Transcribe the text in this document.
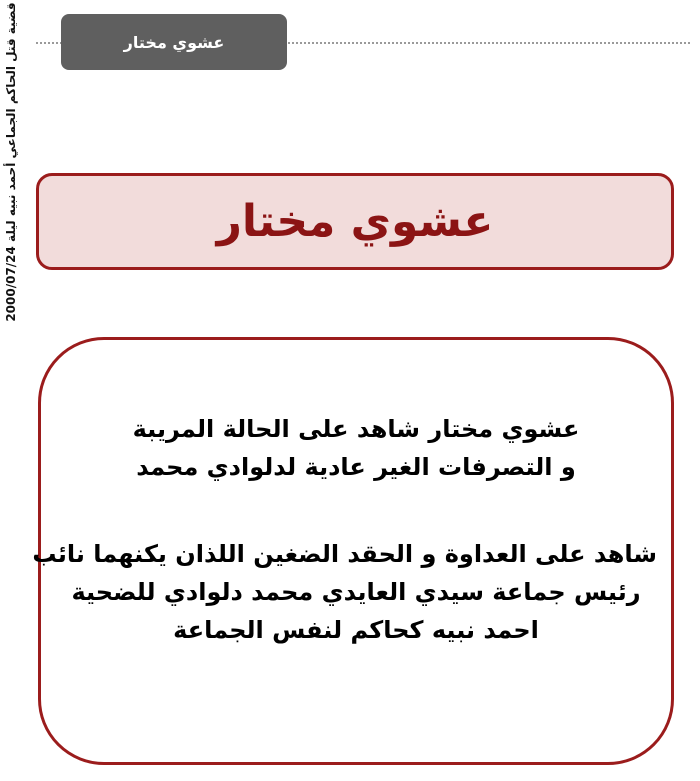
عشوي مختار
قضية قتل الحاكم الجماعي أحمد نبيه ليلة 2000/07/24	عشوي مختار
عشوي مختار شاهد على الحالة المريبة
و التصرفات الغير عادية لدلوادي محمد
شاهد على العداوة و الحقد الضغين اللذان يكنهما نائب
رئيس جماعة سيدي العايدي محمد دلوادي للضحية
احمد نبيه كحاكم لنفس الجماعة
